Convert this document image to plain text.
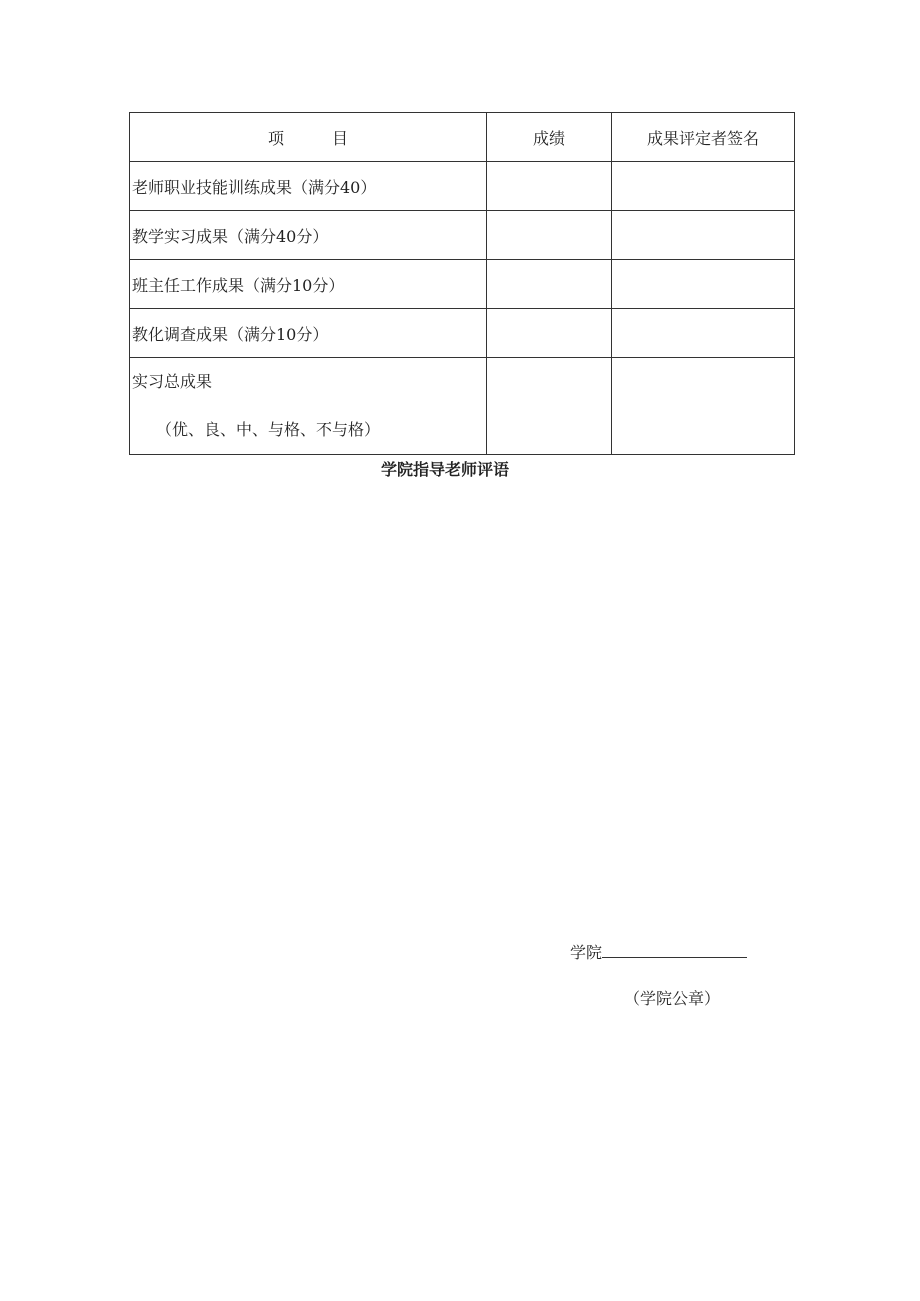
项　　　目	成绩	成果评定者签名
老师职业技能训练成果（满分40）		
教学实习成果（满分40分）		
班主任工作成果（满分10分）		
教化调查成果（满分10分）		

实习总成果
（优、良、中、与格、不与格）		

学院指导老师评语
学院
（学院公章）
